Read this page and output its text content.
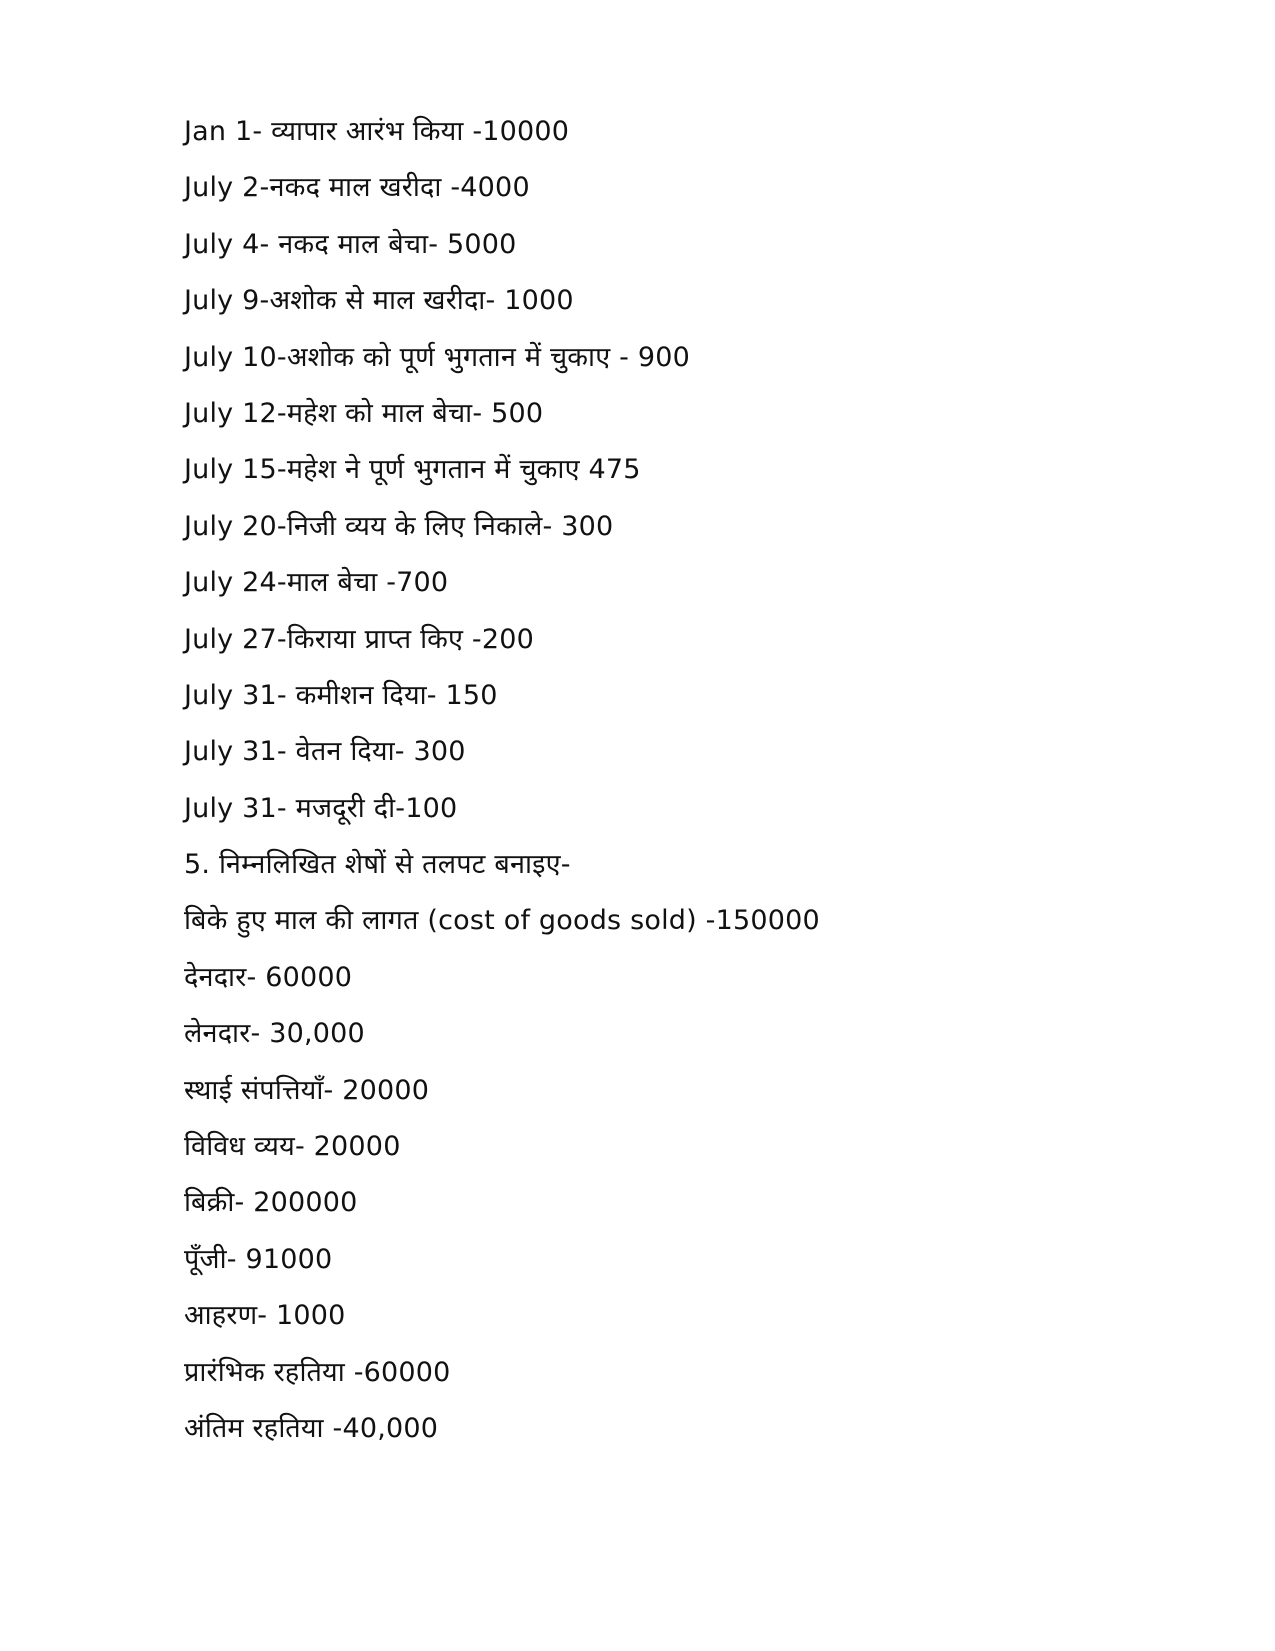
Jan 1- व्यापार आरंभ किया -10000
July 2-नकद माल खरीदा -4000
July 4- नकद माल बेचा- 5000
July 9-अशोक से माल खरीदा- 1000
July 10-अशोक को पूर्ण भुगतान में चुकाए - 900
July 12-महेश को माल बेचा- 500
July 15-महेश ने पूर्ण भुगतान में चुकाए 475
July 20-निजी व्यय के लिए निकाले- 300
July 24-माल बेचा -700
July 27-किराया प्राप्त किए -200
July 31- कमीशन दिया- 150
July 31- वेतन दिया- 300
July 31- मजदूरी दी-100
5. निम्नलिखित शेषों से तलपट बनाइए-
बिके हुए माल की लागत (cost of goods sold) -150000
देनदार- 60000
लेनदार- 30,000
स्थाई संपत्तियाँ- 20000
विविध व्यय- 20000
बिक्री- 200000
पूँजी- 91000
आहरण- 1000
प्रारंभिक रहतिया -60000
अंतिम रहतिया -40,000
